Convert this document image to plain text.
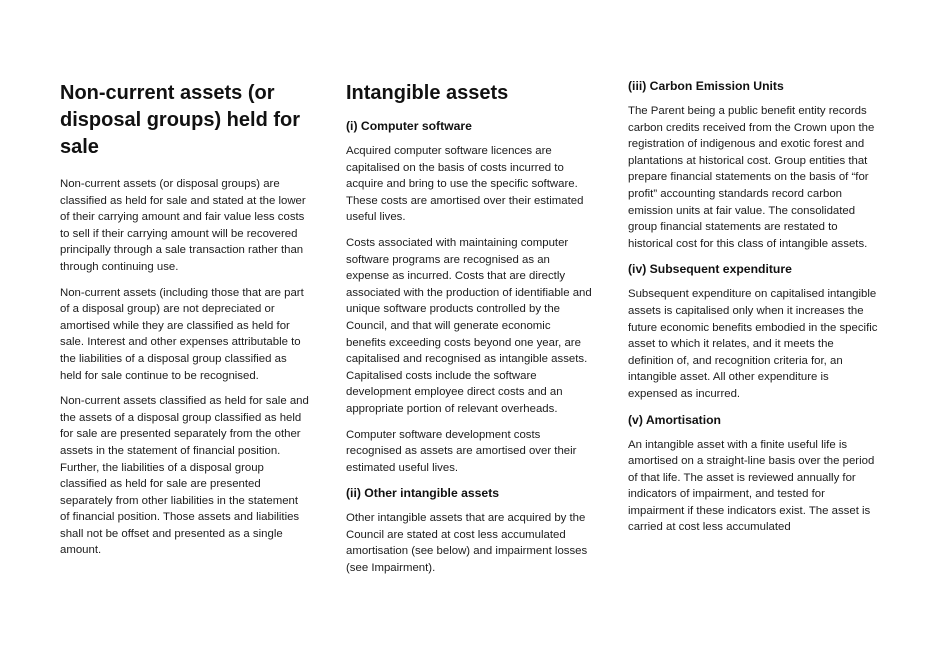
Non-current assets (or disposal groups) held for sale

Non-current assets (or disposal groups) are classified as held for sale and stated at the lower of their carrying amount and fair value less costs to sell if their carrying amount will be recovered principally through a sale transaction rather than through continuing use.

Non-current assets (including those that are part of a disposal group) are not depreciated or amortised while they are classified as held for sale. Interest and other expenses attributable to the liabilities of a disposal group classified as held for sale continue to be recognised.

Non-current assets classified as held for sale and the assets of a disposal group classified as held for sale are presented separately from the other assets in the statement of financial position. Further, the liabilities of a disposal group classified as held for sale are presented separately from other liabilities in the statement of financial position. Those assets and liabilities shall not be offset and presented as a single amount.

Intangible assets
(i) Computer software

Acquired computer software licences are capitalised on the basis of costs incurred to acquire and bring to use the specific software. These costs are amortised over their estimated useful lives.

Costs associated with maintaining computer software programs are recognised as an expense as incurred. Costs that are directly associated with the production of identifiable and unique software products controlled by the Council, and that will generate economic benefits exceeding costs beyond one year, are capitalised and recognised as intangible assets. Capitalised costs include the software development employee direct costs and an appropriate portion of relevant overheads.

Computer software development costs recognised as assets are amortised over their estimated useful lives.

(ii) Other intangible assets

Other intangible assets that are acquired by the Council are stated at cost less accumulated amortisation (see below) and impairment losses (see Impairment).

(iii) Carbon Emission Units

The Parent being a public benefit entity records carbon credits received from the Crown upon the registration of indigenous and exotic forest and plantations at historical cost. Group entities that prepare financial statements on the basis of “for profit” accounting standards record carbon emission units at fair value. The consolidated group financial statements are restated to historical cost for this class of intangible assets.

(iv) Subsequent expenditure

Subsequent expenditure on capitalised intangible assets is capitalised only when it increases the future economic benefits embodied in the specific asset to which it relates, and it meets the definition of, and recognition criteria for, an intangible asset. All other expenditure is expensed as incurred.

(v) Amortisation

An intangible asset with a finite useful life is amortised on a straight-line basis over the period of that life. The asset is reviewed annually for indicators of impairment, and tested for impairment if these indicators exist. The asset is carried at cost less accumulated
